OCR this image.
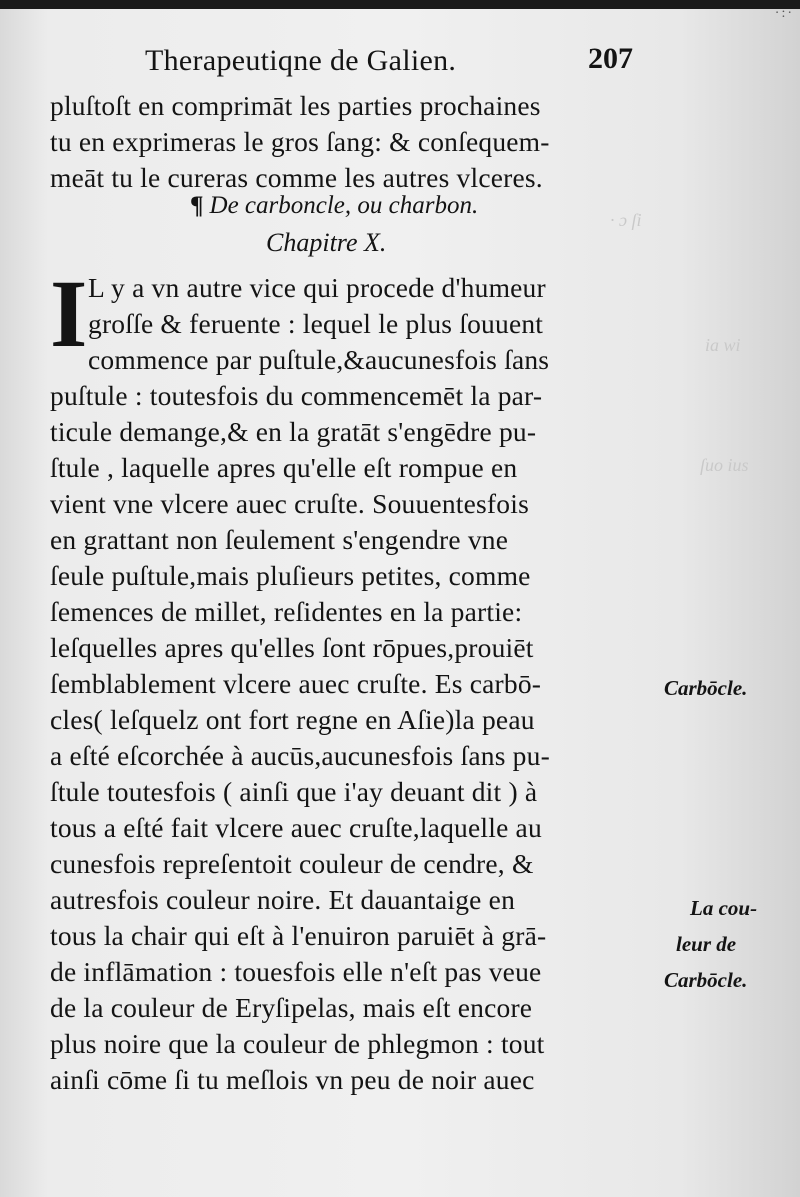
·:·
· ɔ ſi
ia wi
ſuo ius
Therapeutiqne de Galien.	207
pluſtoſt en comprimāt les parties prochaines
tu en exprimeras le gros ſang: & conſequem-
meāt tu le cureras comme les autres vlceres.
¶ De carboncle, ou charbon.
Chapitre X.
I L y a vn autre vice qui procede d'humeur
groſſe & feruente : lequel le plus ſouuent
commence par puſtule,&aucunesfois ſans
puſtule : toutesfois du commencemēt la par-
ticule demange,& en la gratāt s'engēdre pu-
ſtule , laquelle apres qu'elle eſt rompue en
vient vne vlcere auec cruſte. Souuentesfois
en grattant non ſeulement s'engendre vne
ſeule puſtule,mais pluſieurs petites, comme
ſemences de millet, reſidentes en la partie:
leſquelles apres qu'elles ſont rōpues,prouiēt
ſemblablement vlcere auec cruſte. Es carbō-
cles( leſquelz ont fort regne en Aſie)la peau
a eſté eſcorchée à aucūs,aucunesfois ſans pu-
ſtule toutesfois ( ainſi que i'ay deuant dit ) à
tous a eſté fait vlcere auec cruſte,laquelle au
cunesfois repreſentoit couleur de cendre, &
autresfois couleur noire. Et dauantaige en
tous la chair qui eſt à l'enuiron paruiēt à grā-
de inflāmation : touesfois elle n'eſt pas veue
de la couleur de Eryſipelas, mais eſt encore
plus noire que la couleur de phlegmon : tout
ainſi cōme ſi tu meſlois vn peu de noir auec
Carbōcle.
La cou-
leur de
Carbōcle.
